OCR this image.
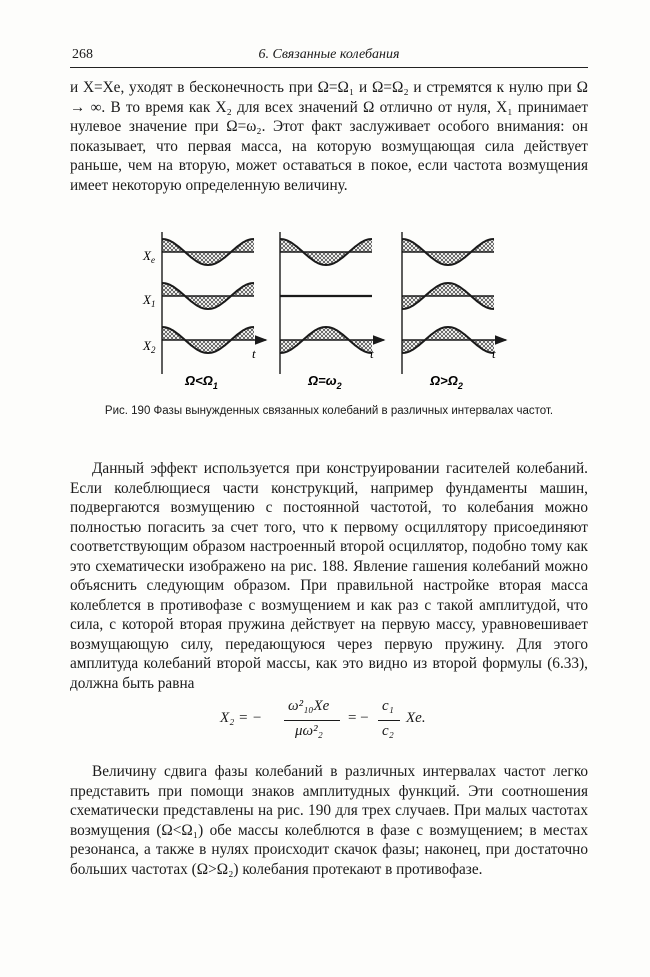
268	6. Связанные колебания

и X=Xe, уходят в бесконечность при Ω=Ω₁ и Ω=Ω₂ и стремятся к нулю при Ω → ∞. В то время как X₂ для всех значений Ω отлично от нуля, X₁ принимает нулевое значение при Ω=ω₂. Этот факт заслуживает особого внимания: он показывает, что первая масса, на которую возмущающая сила действует раньше, чем на вторую, может оставаться в покое, если частота возмущения имеет некоторую определенную величину.

t	t	t
$X_e$
$X_1$
$X_2$
$\Omega<\Omega_1$	$\Omega=\omega_2$	$\Omega>\Omega_2$

Рис. 190 Фазы вынужденных связанных колебаний в различных интервалах частот.

Данный эффект используется при конструировании гасителей колебаний. Если колеблющиеся части конструкций, например фундаменты машин, подвергаются возмущению с постоянной частотой, то колебания можно полностью погасить за счет того, что к первому осциллятору присоединяют соответствующим образом настроенный второй осциллятор, подобно тому как это схематически изображено на рис. 188. Явление гашения колебаний можно объяснить следующим образом. При правильной настройке вторая масса колеблется в противофазе с возмущением и как раз с такой амплитудой, что сила, с которой вторая пружина действует на первую массу, уравновешивает возмущающую силу, передающуюся через первую пружину. Для этого амплитуда колебаний второй массы, как это видно из второй формулы (6.33), должна быть равна

X₂ = −
ω²₁₀Xe
μω²₂
= −
c₁
c₂
Xe.

Величину сдвига фазы колебаний в различных интервалах частот легко представить при помощи знаков амплитудных функций. Эти соотношения схематически представлены на рис. 190 для трех случаев. При малых частотах возмущения (Ω<Ω₁) обе массы колеблются в фазе с возмущением; в местах резонанса, а также в нулях происходит скачок фазы; наконец, при достаточно больших частотах (Ω>Ω₂) колебания протекают в противофазе.
